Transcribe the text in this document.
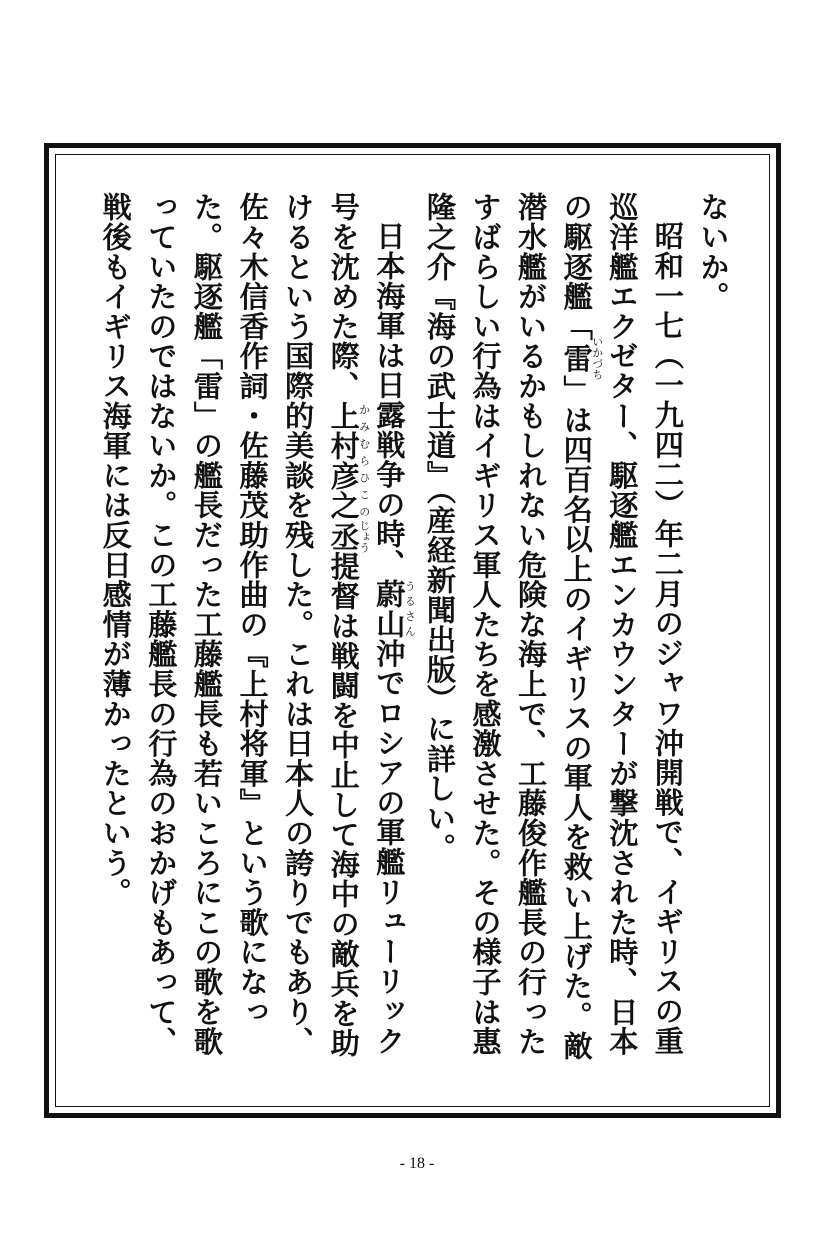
ないか。
昭和一七（一九四二）年二月のジャワ沖開戦で、イギリスの重巡洋艦エクゼター、駆逐艦エンカウンターが撃沈された時、日本の駆逐艦「雷いかづち」は四百名以上のイギリスの軍人を救い上げた。敵潜水艦がいるかもしれない危険な海上で、工藤俊作艦長の行ったすばらしい行為はイギリス軍人たちを感激させた。その様子は惠隆之介『海の武士道』（産経新聞出版）に詳しい。
日本海軍は日露戦争の時、蔚山うるさん沖でロシアの軍艦リューリック号を沈めた際、上村彦之かみむらひこの丞じょう提督は戦闘を中止して海中の敵兵を助けるという国際的美談を残した。これは日本人の誇りでもあり、佐々木信香作詞・佐藤茂助作曲の『上村将軍』という歌になった。駆逐艦「雷」の艦長だった工藤艦長も若いころにこの歌を歌っていたのではないか。この工藤艦長の行為のおかげもあって、戦後もイギリス海軍には反日感情が薄かったという。
- 18 -
